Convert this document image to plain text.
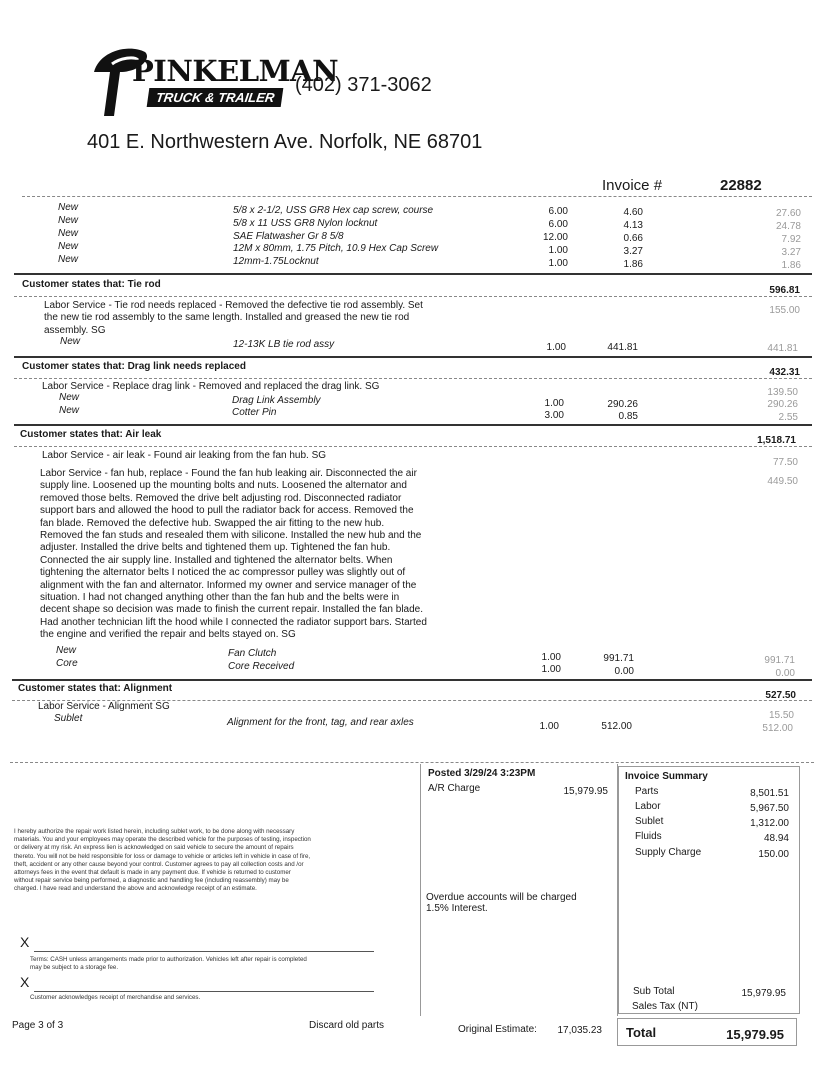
PINKELMAN
TRUCK & TRAILER
(402) 371-3062
401 E. Northwestern Ave. Norfolk, NE 68701
Invoice #	22882
New	5/8 x 2-1/2, USS GR8 Hex cap screw, course	6.00	4.60	27.60
New	5/8 x 11 USS GR8 Nylon locknut	6.00	4.13	24.78
New	SAE Flatwasher Gr 8 5/8	12.00	0.66	7.92
New	12M x 80mm, 1.75 Pitch, 10.9 Hex Cap Screw	1.00	3.27	3.27
New	12mm-1.75Locknut	1.00	1.86	1.86
Customer states that: Tie rod
596.81
Labor Service - Tie rod needs replaced - Removed the defective tie rod assembly. Set the new tie rod assembly to the same length. Installed and greased the new tie rod assembly. SG
155.00
New	12-13K LB tie rod assy	1.00	441.81	441.81
Customer states that: Drag link needs replaced
432.31
Labor Service - Replace drag link - Removed and replaced the drag link. SG
139.50
New	Drag Link Assembly	1.00	290.26	290.26
New	Cotter Pin	3.00	0.85	2.55
Customer states that: Air leak
1,518.71
Labor Service - air leak - Found air leaking from the fan hub. SG
77.50
449.50
Labor Service - fan hub, replace - Found the fan hub leaking air. Disconnected the air
supply line. Loosened up the mounting bolts and nuts. Loosened the alternator and
removed those belts. Removed the drive belt adjusting rod. Disconnected radiator
support bars and allowed the hood to pull the radiator back for access. Removed the
fan blade. Removed the defective hub. Swapped the air fitting to the new hub.
Removed the fan studs and resealed them with silicone. Installed the new hub and the
adjuster. Installed the drive belts and tightened them up. Tightened the fan hub.
Connected the air supply line. Installed and tightened the alternator belts. When
tightening the alternator belts I noticed the ac compressor pulley was slightly out of
alignment with the fan and alternator. Informed my owner and service manager of the
situation. I had not changed anything other than the fan hub and the belts were in
decent shape so decision was made to finish the current repair. Installed the fan blade.
Had another technician lift the hood while I connected the radiator support bars. Started
the engine and verified the repair and belts stayed on. SG
New	Fan Clutch	1.00	991.71	991.71
Core	Core Received	1.00	0.00	0.00
Customer states that: Alignment
527.50
Labor Service - Alignment SG
15.50
Sublet	Alignment for the front, tag, and rear axles	1.00	512.00	512.00
I hereby authorize the repair work listed herein, including sublet work, to be done along with necessary
materials. You and your employees may operate the described vehicle for the purposes of testing, inspection
or delivery at my risk. An express lien is acknowledged on said vehicle to secure the amount of repairs
thereto. You will not be held responsible for loss or damage to vehicle or articles left in vehicle in case of fire,
theft, accident or any other cause beyond your control. Customer agrees to pay all collection costs and /or
attorneys fees in the event that default is made in any payment due. If vehicle is returned to customer
without repair service being performed, a diagnostic and handling fee (including reassembly) may be
charged. I have read and understand the above and acknowledge receipt of an estimate.
X
Terms: CASH unless arrangements made prior to authorization. Vehicles left after repair is completed
may be subject to a storage fee.
X
Customer acknowledges receipt of merchandise and services.
Posted 3/29/24 3:23PM
A/R Charge	15,979.95
Overdue accounts will be charged
1.5% Interest.
Invoice Summary
Parts	8,501.51
Labor	5,967.50
Sublet	1,312.00
Fluids	48.94
Supply Charge	150.00
Sub Total	15,979.95
Sales Tax (NT)
Page 3 of 3	Discard old parts	Original Estimate:	17,035.23 Total	15,979.95
